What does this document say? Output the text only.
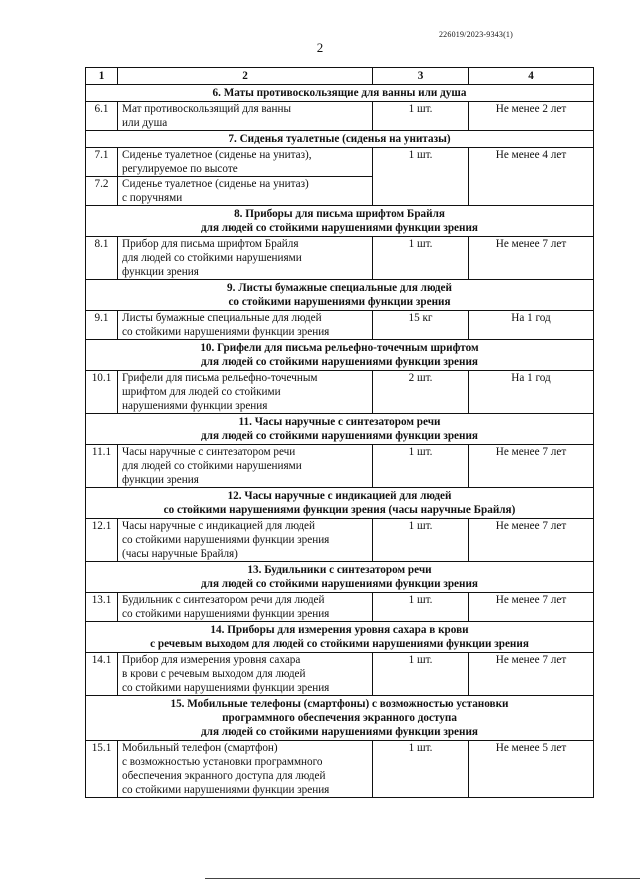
226019/2023-9343(1)
2
1	2	3	4
6. Маты противоскользящие для ванны или душа			
6.1	Мат противоскользящий для ванны
или душа	1 шт.	Не менее 2 лет
7. Сиденья туалетные (сиденья на унитазы)			
7.1	Сиденье туалетное (сиденье на унитаз),
регулируемое по высоте	1 шт.	Не менее 4 лет
7.2	Сиденье туалетное (сиденье на унитаз)
с поручнями		
8. Приборы для письма шрифтом Брайля
для людей со стойкими нарушениями функции зрения			
8.1	Прибор для письма шрифтом Брайля
для людей со стойкими нарушениями
функции зрения	1 шт.	Не менее 7 лет
9. Листы бумажные специальные для людей
со стойкими нарушениями функции зрения			
9.1	Листы бумажные специальные для людей
со стойкими нарушениями функции зрения	15 кг	На 1 год
10. Грифели для письма рельефно-точечным шрифтом
для людей со стойкими нарушениями функции зрения			
10.1	Грифели для письма рельефно-точечным
шрифтом для людей со стойкими
нарушениями функции зрения	2 шт.	На 1 год
11. Часы наручные с синтезатором речи
для людей со стойкими нарушениями функции зрения			
11.1	Часы наручные с синтезатором речи
для людей со стойкими нарушениями
функции зрения	1 шт.	Не менее 7 лет
12. Часы наручные с индикацией для людей
со стойкими нарушениями функции зрения (часы наручные Брайля)			
12.1	Часы наручные с индикацией для людей
со стойкими нарушениями функции зрения
(часы наручные Брайля)	1 шт.	Не менее 7 лет
13. Будильники с синтезатором речи
для людей со стойкими нарушениями функции зрения			
13.1	Будильник с синтезатором речи для людей
со стойкими нарушениями функции зрения	1 шт.	Не менее 7 лет
14. Приборы для измерения уровня сахара в крови
с речевым выходом для людей со стойкими нарушениями функции зрения			
14.1	Прибор для измерения уровня сахара
в крови с речевым выходом для людей
со стойкими нарушениями функции зрения	1 шт.	Не менее 7 лет
15. Мобильные телефоны (смартфоны) с возможностью установки
программного обеспечения экранного доступа
для людей со стойкими нарушениями функции зрения			
15.1	Мобильный телефон (смартфон)
с возможностью установки программного
обеспечения экранного доступа для людей
со стойкими нарушениями функции зрения	1 шт.	Не менее 5 лет
